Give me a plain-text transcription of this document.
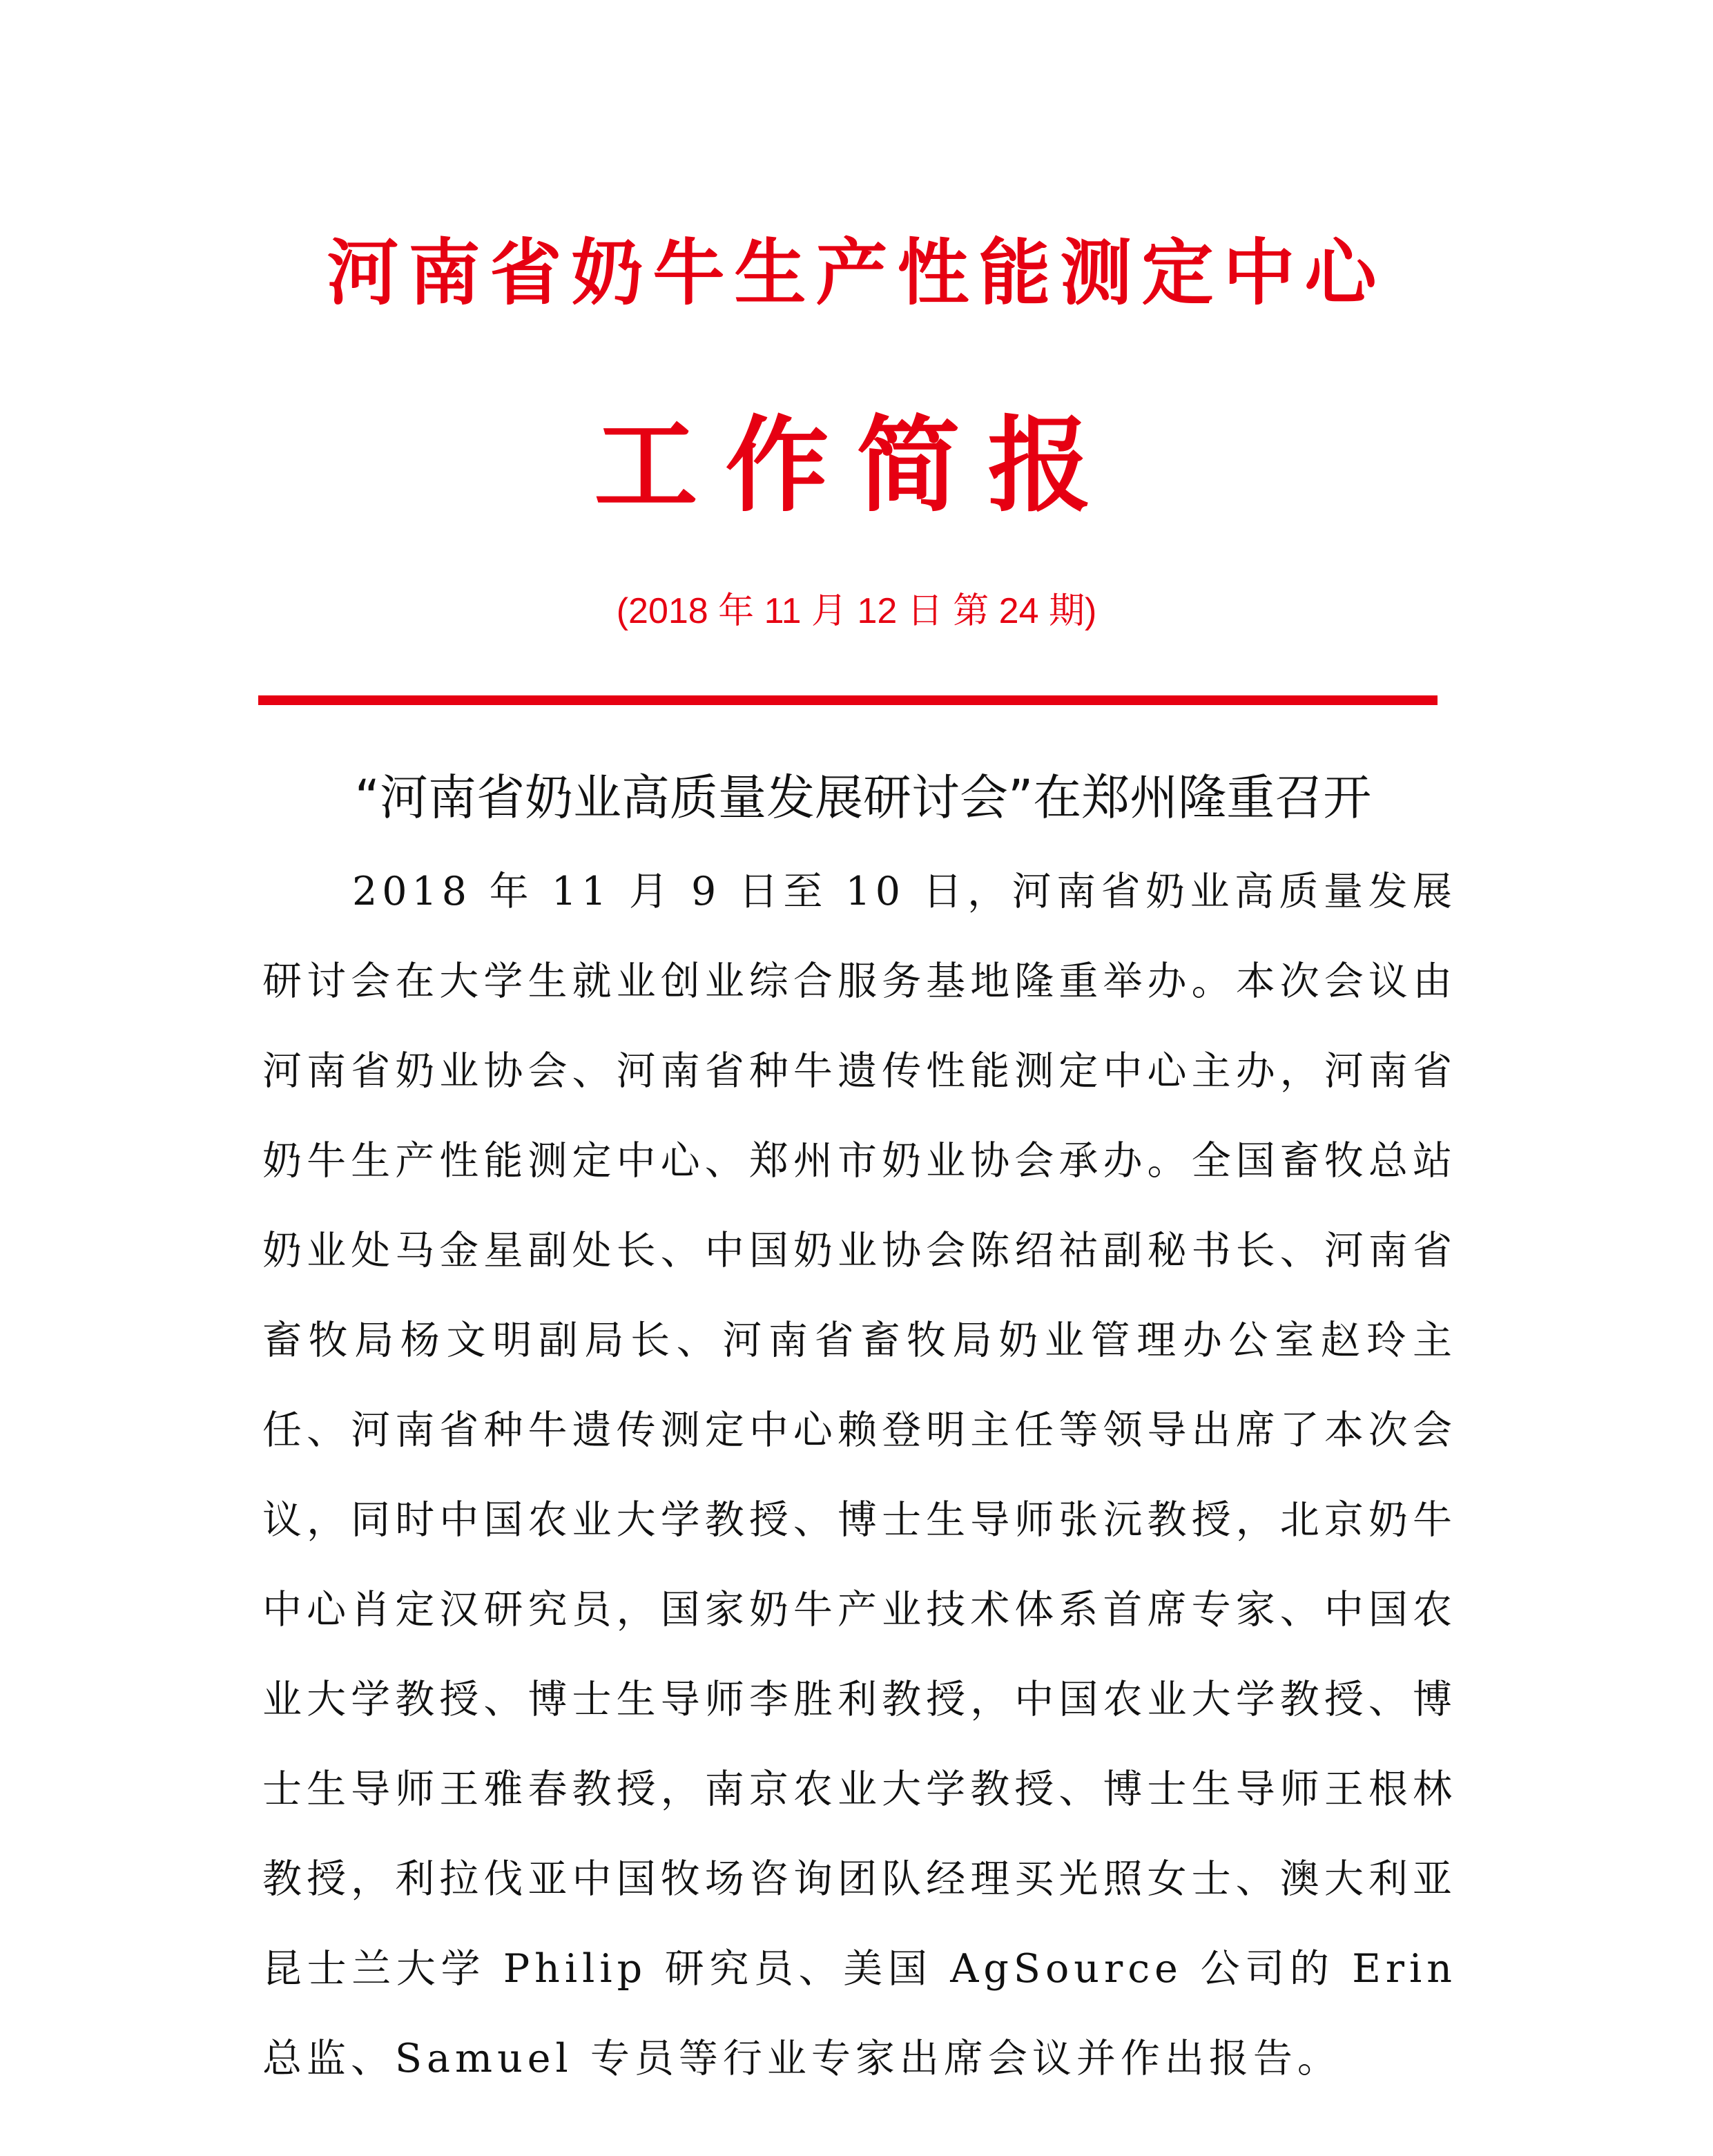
河南省奶牛生产性能测定中心
工作简报
(2018 年 11 月 12 日 第 24 期)
“河南省奶业高质量发展研讨会”在郑州隆重召开

2018 年 11 月 9 日至 10 日，河南省奶业高质量发展研讨会在大学生就业创业综合服务基地隆重举办。本次会议由河南省奶业协会、河南省种牛遗传性能测定中心主办，河南省奶牛生产性能测定中心、郑州市奶业协会承办。全国畜牧总站奶业处马金星副处长、中国奶业协会陈绍祜副秘书长、河南省畜牧局杨文明副局长、河南省畜牧局奶业管理办公室赵玲主任、河南省种牛遗传测定中心赖登明主任等领导出席了本次会议，同时中国农业大学教授、博士生导师张沅教授，北京奶牛中心肖定汉研究员，国家奶牛产业技术体系首席专家、中国农业大学教授、博士生导师李胜利教授，中国农业大学教授、博士生导师王雅春教授，南京农业大学教授、博士生导师王根林教授，利拉伐亚中国牧场咨询团队经理买光照女士、澳大利亚昆士兰大学 Philip 研究员、美国 AgSource 公司的 Erin 总监、Samuel 专员等行业专家出席会议并作出报告。
